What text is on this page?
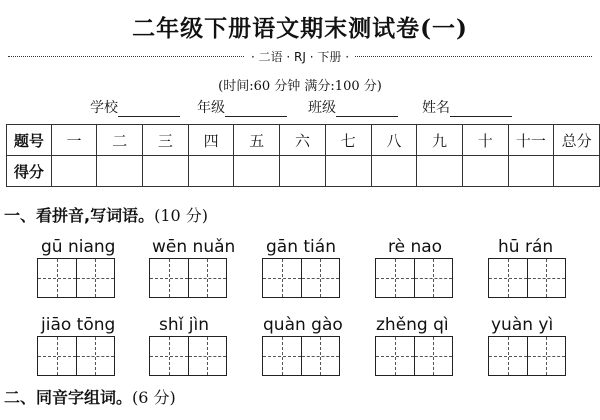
二年级下册语文期末测试卷(一)
· 二语 · RJ · 下册 ·
(时间:60 分钟 满分:100 分)
学校	年级	班级	姓名
题号	一	二	三	四	五	六	七	八	九	十	十一	总分
得分												
一、看拼音,写词语。(10 分)
gū niang wēn nuǎn gān tián	rè nao	hū rán
jiāo tōng	shǐ jìn	quàn gào zhěng qì yuàn yì
二、同音字组词。(6 分)
